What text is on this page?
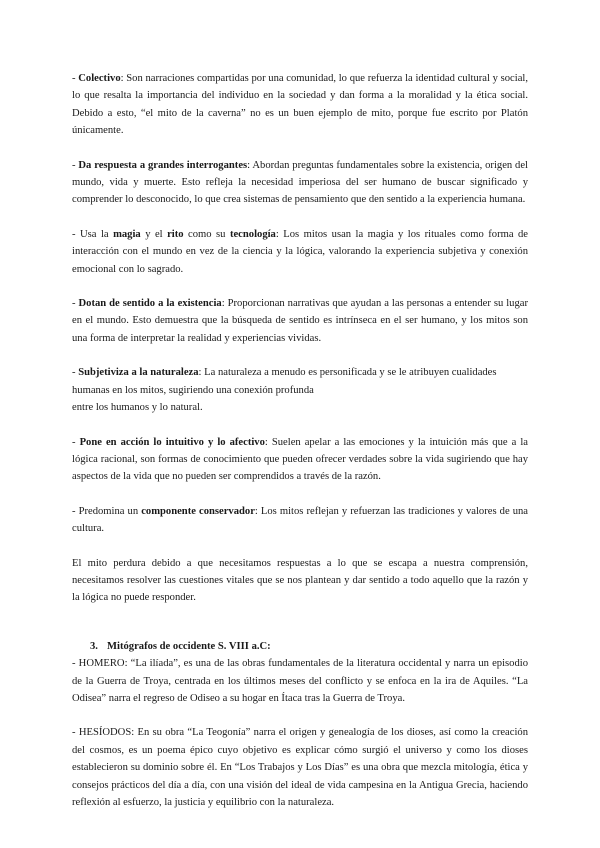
- Colectivo: Son narraciones compartidas por una comunidad, lo que refuerza la identidad cultural y social, lo que resalta la importancia del individuo en la sociedad y dan forma a la moralidad y la ética social. Debido a esto, “el mito de la caverna” no es un buen ejemplo de mito, porque fue escrito por Platón únicamente.

- Da respuesta a grandes interrogantes: Abordan preguntas fundamentales sobre la existencia, origen del mundo, vida y muerte. Esto refleja la necesidad imperiosa del ser humano de buscar significado y comprender lo desconocido, lo que crea sistemas de pensamiento que den sentido a la experiencia humana.

- Usa la magia y el rito como su tecnología: Los mitos usan la magia y los rituales como forma de interacción con el mundo en vez de la ciencia y la lógica, valorando la experiencia subjetiva y conexión emocional con lo sagrado.

- Dotan de sentido a la existencia: Proporcionan narrativas que ayudan a las personas a entender su lugar en el mundo. Esto demuestra que la búsqueda de sentido es intrínseca en el ser humano, y los mitos son una forma de interpretar la realidad y experiencias vividas.

- Subjetiviza a la naturaleza: La naturaleza a menudo es personificada y se le atribuyen cualidades
humanas en los mitos, sugiriendo una conexión profunda
entre los humanos y lo natural.

- Pone en acción lo intuitivo y lo afectivo: Suelen apelar a las emociones y la intuición más que a la lógica racional, son formas de conocimiento que pueden ofrecer verdades sobre la vida sugiriendo que hay aspectos de la vida que no pueden ser comprendidos a través de la razón.

- Predomina un componente conservador: Los mitos reflejan y refuerzan las tradiciones y valores de una cultura.

El mito perdura debido a que necesitamos respuestas a lo que se escapa a nuestra comprensión, necesitamos resolver las cuestiones vitales que se nos plantean y dar sentido a todo aquello que la razón y la lógica no puede responder.

3. Mitógrafos de occidente S. VIII a.C:

- HOMERO: “La ilíada”, es una de las obras fundamentales de la literatura occidental y narra un episodio de la Guerra de Troya, centrada en los últimos meses del conflicto y se enfoca en la ira de Aquiles. “La Odisea” narra el regreso de Odiseo a su hogar en Ítaca tras la Guerra de Troya.

- HESÍODOS: En su obra “La Teogonía” narra el origen y genealogía de los dioses, así como la creación del cosmos, es un poema épico cuyo objetivo es explicar cómo surgió el universo y como los dioses establecieron su dominio sobre él. En “Los Trabajos y Los Días” es una obra que mezcla mitología, ética y consejos prácticos del día a día, con una visión del ideal de vida campesina en la Antigua Grecia, haciendo reflexión al esfuerzo, la justicia y equilibrio con la naturaleza.
